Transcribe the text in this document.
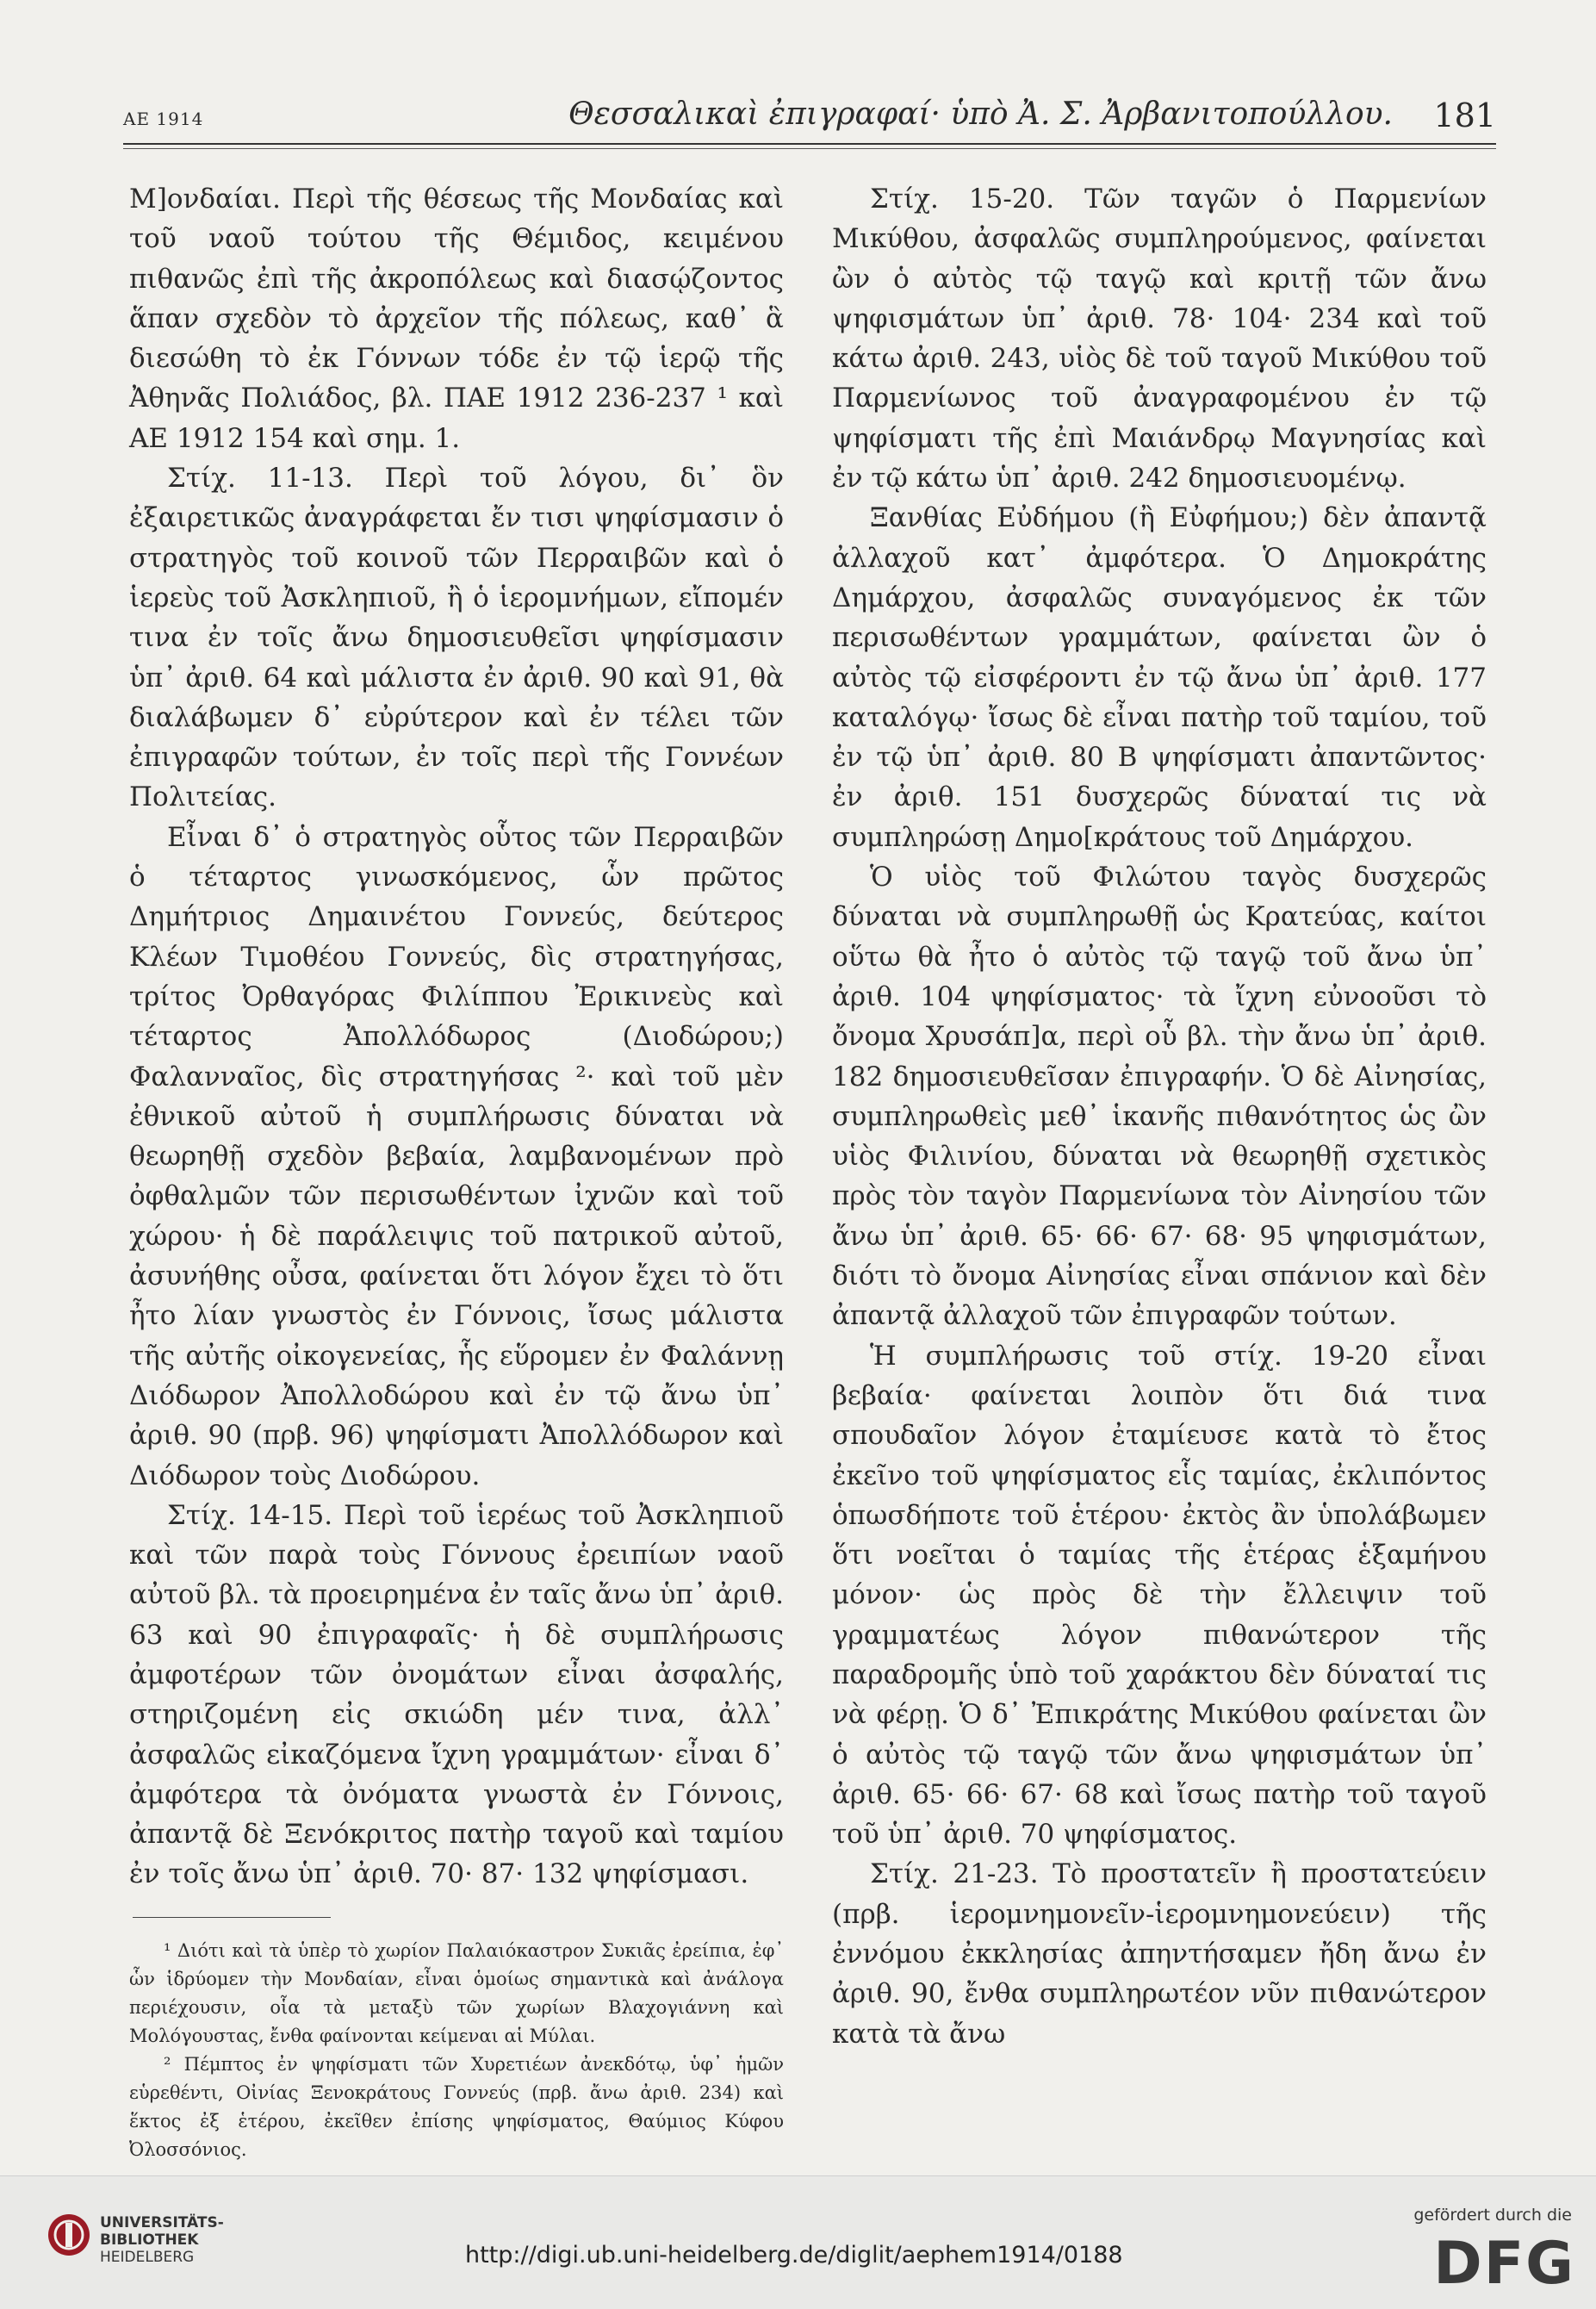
ΑΕ 1914	Θεσσαλικαὶ ἐπιγραφαί· ὑπὸ Ἀ. Σ. Ἀρβανιτοπούλλου. 181

Μ]ονδαίαι. Περὶ τῆς θέσεως τῆς Μονδαίας καὶ τοῦ ναοῦ τούτου τῆς Θέμιδος, κειμένου πιθανῶς ἐπὶ τῆς ἀκροπόλεως καὶ διασῴζοντος ἅπαν σχεδὸν τὸ ἀρχεῖον τῆς πόλεως, καθ᾽ ἃ διεσώθη τὸ ἐκ Γόννων τόδε ἐν τῷ ἱερῷ τῆς Ἀθηνᾶς Πολιάδος, βλ. ΠΑΕ 1912 236-237 ¹ καὶ ΑΕ 1912 154 καὶ σημ. 1.

Στίχ. 11-13. Περὶ τοῦ λόγου, δι᾽ ὃν ἐξαιρετικῶς ἀναγράφεται ἔν τισι ψηφίσμασιν ὁ στρατηγὸς τοῦ κοινοῦ τῶν Περραιβῶν καὶ ὁ ἱερεὺς τοῦ Ἀσκληπιοῦ, ἢ ὁ ἱερομνήμων, εἴπομέν τινα ἐν τοῖς ἄνω δημοσιευθεῖσι ψηφίσμασιν ὑπ᾽ ἀριθ. 64 καὶ μάλιστα ἐν ἀριθ. 90 καὶ 91, θὰ διαλάβωμεν δ᾽ εὐρύτερον καὶ ἐν τέλει τῶν ἐπιγραφῶν τούτων, ἐν τοῖς περὶ τῆς Γοννέων Πολιτείας.

Εἶναι δ᾽ ὁ στρατηγὸς οὗτος τῶν Περραιβῶν ὁ τέταρτος γινωσκόμενος, ὧν πρῶτος Δημήτριος Δημαινέτου Γοννεύς, δεύτερος Κλέων Τιμοθέου Γοννεύς, δὶς στρατηγήσας, τρίτος Ὀρθαγόρας Φιλίππου Ἐρικινεὺς καὶ τέταρτος Ἀπολλόδωρος (Διοδώρου;) Φαλανναῖος, δὶς στρατηγήσας ²· καὶ τοῦ μὲν ἐθνικοῦ αὐτοῦ ἡ συμπλήρωσις δύναται νὰ θεωρηθῇ σχεδὸν βεβαία, λαμβανομένων πρὸ ὀφθαλμῶν τῶν περισωθέντων ἰχνῶν καὶ τοῦ χώρου· ἡ δὲ παράλειψις τοῦ πατρικοῦ αὐτοῦ, ἀσυνήθης οὖσα, φαίνεται ὅτι λόγον ἔχει τὸ ὅτι ἦτο λίαν γνωστὸς ἐν Γόννοις, ἴσως μάλιστα τῆς αὐτῆς οἰκογενείας, ἧς εὕρομεν ἐν Φαλάννῃ Διόδωρον Ἀπολλοδώρου καὶ ἐν τῷ ἄνω ὑπ᾽ ἀριθ. 90 (πρβ. 96) ψηφίσματι Ἀπολλόδωρον καὶ Διόδωρον τοὺς Διοδώρου.

Στίχ. 14-15. Περὶ τοῦ ἱερέως τοῦ Ἀσκληπιοῦ καὶ τῶν παρὰ τοὺς Γόννους ἐρειπίων ναοῦ αὐτοῦ βλ. τὰ προειρημένα ἐν ταῖς ἄνω ὑπ᾽ ἀριθ. 63 καὶ 90 ἐπιγραφαῖς· ἡ δὲ συμπλήρωσις ἀμφοτέρων τῶν ὀνομάτων εἶναι ἀσφαλής, στηριζομένη εἰς σκιώδη μέν τινα, ἀλλ᾽ ἀσφαλῶς εἰκαζόμενα ἴχνη γραμμάτων· εἶναι δ᾽ ἀμφότερα τὰ ὀνόματα γνωστὰ ἐν Γόννοις, ἀπαντᾷ δὲ Ξενόκριτος πατὴρ ταγοῦ καὶ ταμίου ἐν τοῖς ἄνω ὑπ᾽ ἀριθ. 70· 87· 132 ψηφίσμασι.

¹ Διότι καὶ τὰ ὑπὲρ τὸ χωρίον Παλαιόκαστρον Συκιᾶς ἐρείπια, ἐφ᾽ ὧν ἱδρύομεν τὴν Μονδαίαν, εἶναι ὁμοίως σημαντικὰ καὶ ἀνάλογα περιέχουσιν, οἷα τὰ μεταξὺ τῶν χωρίων Βλαχογιάννη καὶ Μολόγουστας, ἔνθα φαίνονται κείμεναι αἱ Μύλαι.

² Πέμπτος ἐν ψηφίσματι τῶν Χυρετιέων ἀνεκδότῳ, ὑφ᾽ ἡμῶν εὑρεθέντι, Οἰνίας Ξενοκράτους Γοννεύς (πρβ. ἄνω ἀριθ. 234) καὶ ἕκτος ἐξ ἑτέρου, ἐκεῖθεν ἐπίσης ψηφίσματος, Θαύμιος Κύφου Ὀλοσσόνιος.

Στίχ. 15-20. Τῶν ταγῶν ὁ Παρμενίων Μικύθου, ἀσφαλῶς συμπληρούμενος, φαίνεται ὢν ὁ αὐτὸς τῷ ταγῷ καὶ κριτῇ τῶν ἄνω ψηφισμάτων ὑπ᾽ ἀριθ. 78· 104· 234 καὶ τοῦ κάτω ἀριθ. 243, υἱὸς δὲ τοῦ ταγοῦ Μικύθου τοῦ Παρμενίωνος τοῦ ἀναγραφομένου ἐν τῷ ψηφίσματι τῆς ἐπὶ Μαιάνδρῳ Μαγνησίας καὶ ἐν τῷ κάτω ὑπ᾽ ἀριθ. 242 δημοσιευομένῳ.

Ξανθίας Εὐδήμου (ἢ Εὐφήμου;) δὲν ἀπαντᾷ ἀλλαχοῦ κατ᾽ ἀμφότερα. Ὁ Δημοκράτης Δημάρχου, ἀσφαλῶς συναγόμενος ἐκ τῶν περισωθέντων γραμμάτων, φαίνεται ὢν ὁ αὐτὸς τῷ εἰσφέροντι ἐν τῷ ἄνω ὑπ᾽ ἀριθ. 177 καταλόγῳ· ἴσως δὲ εἶναι πατὴρ τοῦ ταμίου, τοῦ ἐν τῷ ὑπ᾽ ἀριθ. 80 B ψηφίσματι ἀπαντῶντος· ἐν ἀριθ. 151 δυσχερῶς δύναταί τις νὰ συμπληρώσῃ Δημο[κράτους τοῦ Δημάρχου.

Ὁ υἱὸς τοῦ Φιλώτου ταγὸς δυσχερῶς δύναται νὰ συμπληρωθῇ ὡς Κρατεύας, καίτοι οὕτω θὰ ἦτο ὁ αὐτὸς τῷ ταγῷ τοῦ ἄνω ὑπ᾽ ἀριθ. 104 ψηφίσματος· τὰ ἴχνη εὐνοοῦσι τὸ ὄνομα Χρυσάπ]α, περὶ οὗ βλ. τὴν ἄνω ὑπ᾽ ἀριθ. 182 δημοσιευθεῖσαν ἐπιγραφήν. Ὁ δὲ Αἰνησίας, συμπληρωθεὶς μεθ᾽ ἱκανῆς πιθανότητος ὡς ὢν υἱὸς Φιλινίου, δύναται νὰ θεωρηθῇ σχετικὸς πρὸς τὸν ταγὸν Παρμενίωνα τὸν Αἰνησίου τῶν ἄνω ὑπ᾽ ἀριθ. 65· 66· 67· 68· 95 ψηφισμάτων, διότι τὸ ὄνομα Αἰνησίας εἶναι σπάνιον καὶ δὲν ἀπαντᾷ ἀλλαχοῦ τῶν ἐπιγραφῶν τούτων.

Ἡ συμπλήρωσις τοῦ στίχ. 19-20 εἶναι βεβαία· φαίνεται λοιπὸν ὅτι διά τινα σπουδαῖον λόγον ἐταμίευσε κατὰ τὸ ἔτος ἐκεῖνο τοῦ ψηφίσματος εἷς ταμίας, ἐκλιπόντος ὁπωσδήποτε τοῦ ἑτέρου· ἐκτὸς ἂν ὑπολάβωμεν ὅτι νοεῖται ὁ ταμίας τῆς ἑτέρας ἑξαμήνου μόνον· ὡς πρὸς δὲ τὴν ἔλλειψιν τοῦ γραμματέως λόγον πιθανώτερον τῆς παραδρομῆς ὑπὸ τοῦ χαράκτου δὲν δύναταί τις νὰ φέρῃ. Ὁ δ᾽ Ἐπικράτης Μικύθου φαίνεται ὢν ὁ αὐτὸς τῷ ταγῷ τῶν ἄνω ψηφισμάτων ὑπ᾽ ἀριθ. 65· 66· 67· 68 καὶ ἴσως πατὴρ τοῦ ταγοῦ τοῦ ὑπ᾽ ἀριθ. 70 ψηφίσματος.

Στίχ. 21-23. Τὸ προστατεῖν ἢ προστατεύειν (πρβ. ἱερομνημονεῖν-ἱερομνημονεύειν) τῆς ἐννόμου ἐκκλησίας ἀπηντήσαμεν ἤδη ἄνω ἐν ἀριθ. 90, ἔνθα συμπληρωτέον νῦν πιθανώτερον κατὰ τὰ ἄνω

UNIVERSITÄTS-
BIBLIOTHEK
HEIDELBERG	http://digi.ub.uni-heidelberg.de/diglit/aephem1914/0188
gefördert durch die
DFG
